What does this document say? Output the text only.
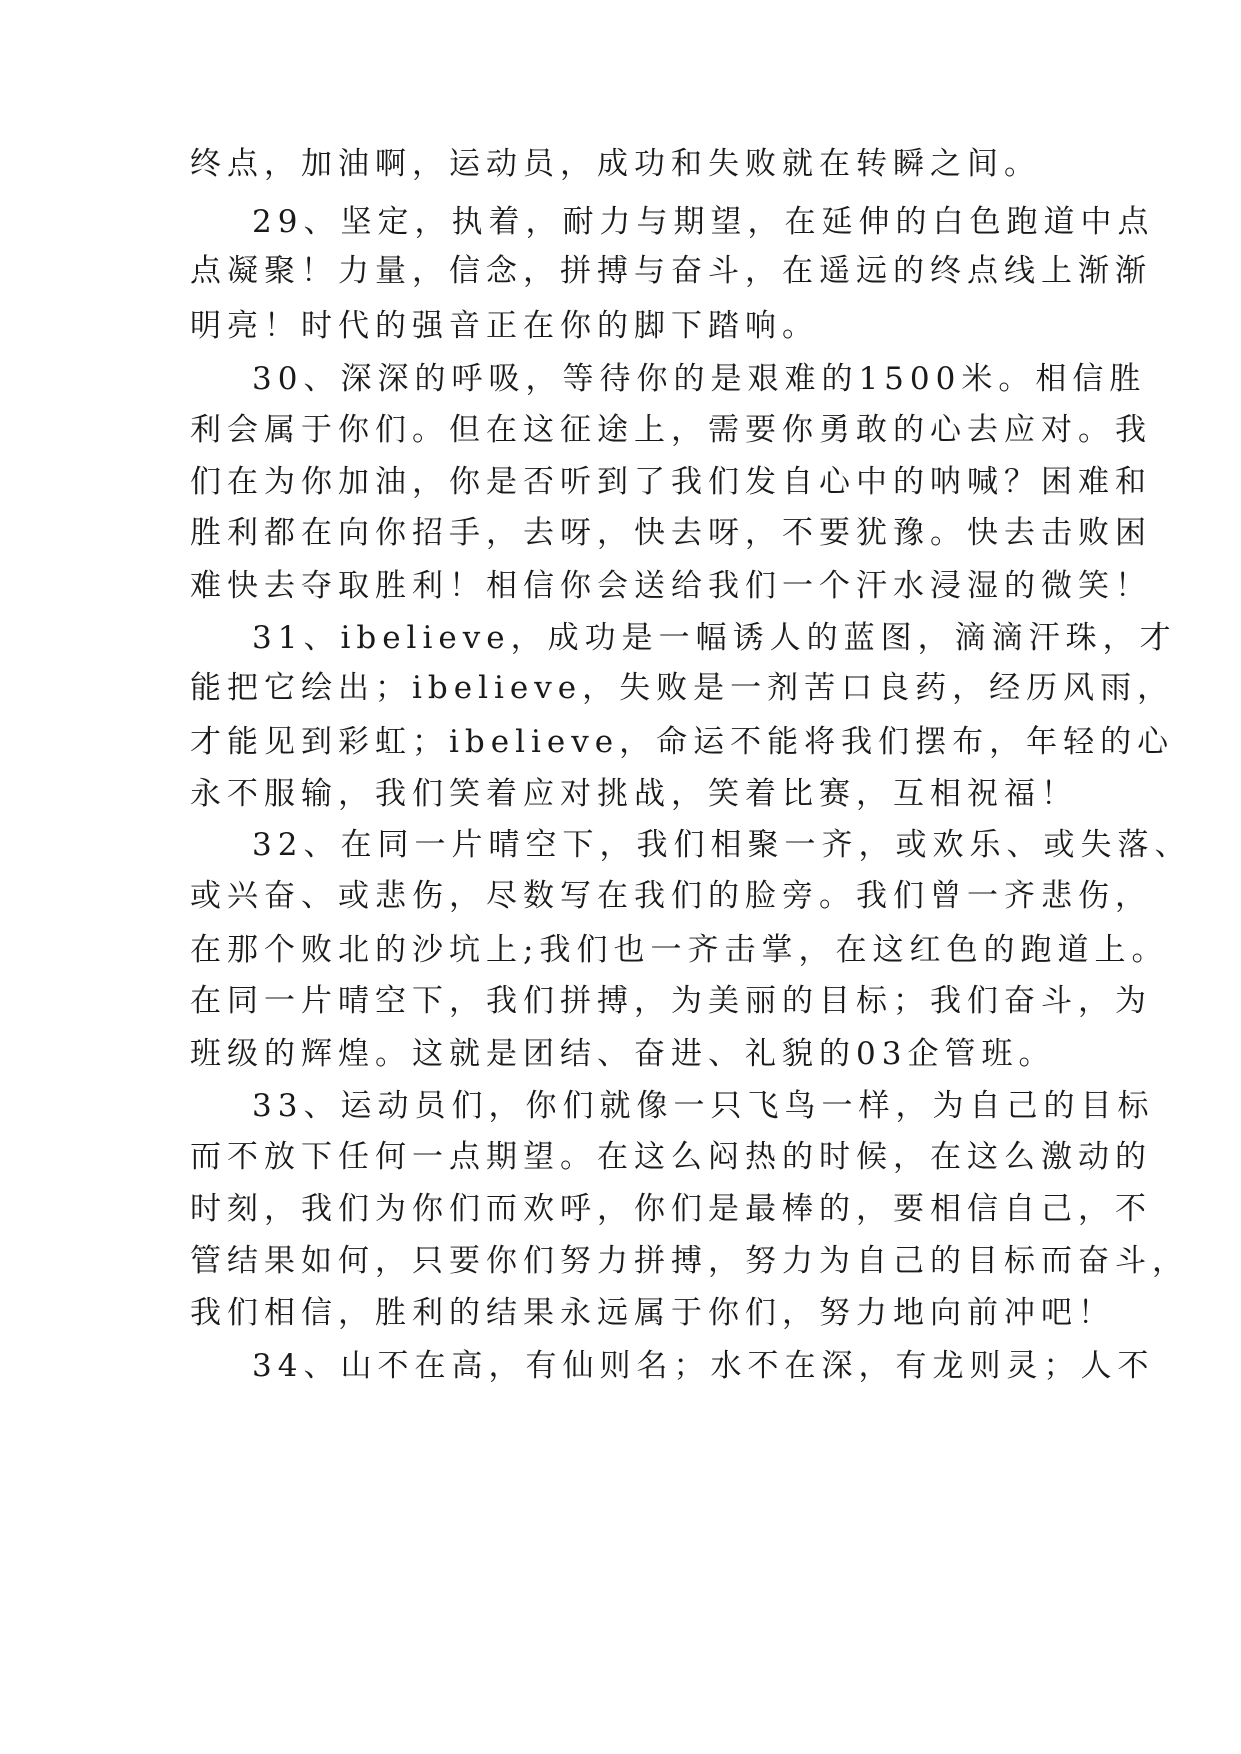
终点，加油啊，运动员，成功和失败就在转瞬之间。
29、坚定，执着，耐力与期望，在延伸的白色跑道中点
点凝聚！力量，信念，拼搏与奋斗，在遥远的终点线上渐渐
明亮！时代的强音正在你的脚下踏响。
30、深深的呼吸，等待你的是艰难的1500米。相信胜
利会属于你们。但在这征途上，需要你勇敢的心去应对。我
们在为你加油，你是否听到了我们发自心中的呐喊？困难和
胜利都在向你招手，去呀，快去呀，不要犹豫。快去击败困
难快去夺取胜利！相信你会送给我们一个汗水浸湿的微笑！
31、ibelieve，成功是一幅诱人的蓝图，滴滴汗珠，才
能把它绘出；ibelieve，失败是一剂苦口良药，经历风雨，
才能见到彩虹；ibelieve，命运不能将我们摆布，年轻的心
永不服输，我们笑着应对挑战，笑着比赛，互相祝福！
32、在同一片晴空下，我们相聚一齐，或欢乐、或失落、
或兴奋、或悲伤，尽数写在我们的脸旁。我们曾一齐悲伤，
在那个败北的沙坑上;我们也一齐击掌，在这红色的跑道上。
在同一片晴空下，我们拼搏，为美丽的目标；我们奋斗，为
班级的辉煌。这就是团结、奋进、礼貌的03企管班。
33、运动员们，你们就像一只飞鸟一样，为自己的目标
而不放下任何一点期望。在这么闷热的时候，在这么激动的
时刻，我们为你们而欢呼，你们是最棒的，要相信自己，不
管结果如何，只要你们努力拼搏，努力为自己的目标而奋斗，
我们相信，胜利的结果永远属于你们，努力地向前冲吧！
34、山不在高，有仙则名；水不在深，有龙则灵；人不
